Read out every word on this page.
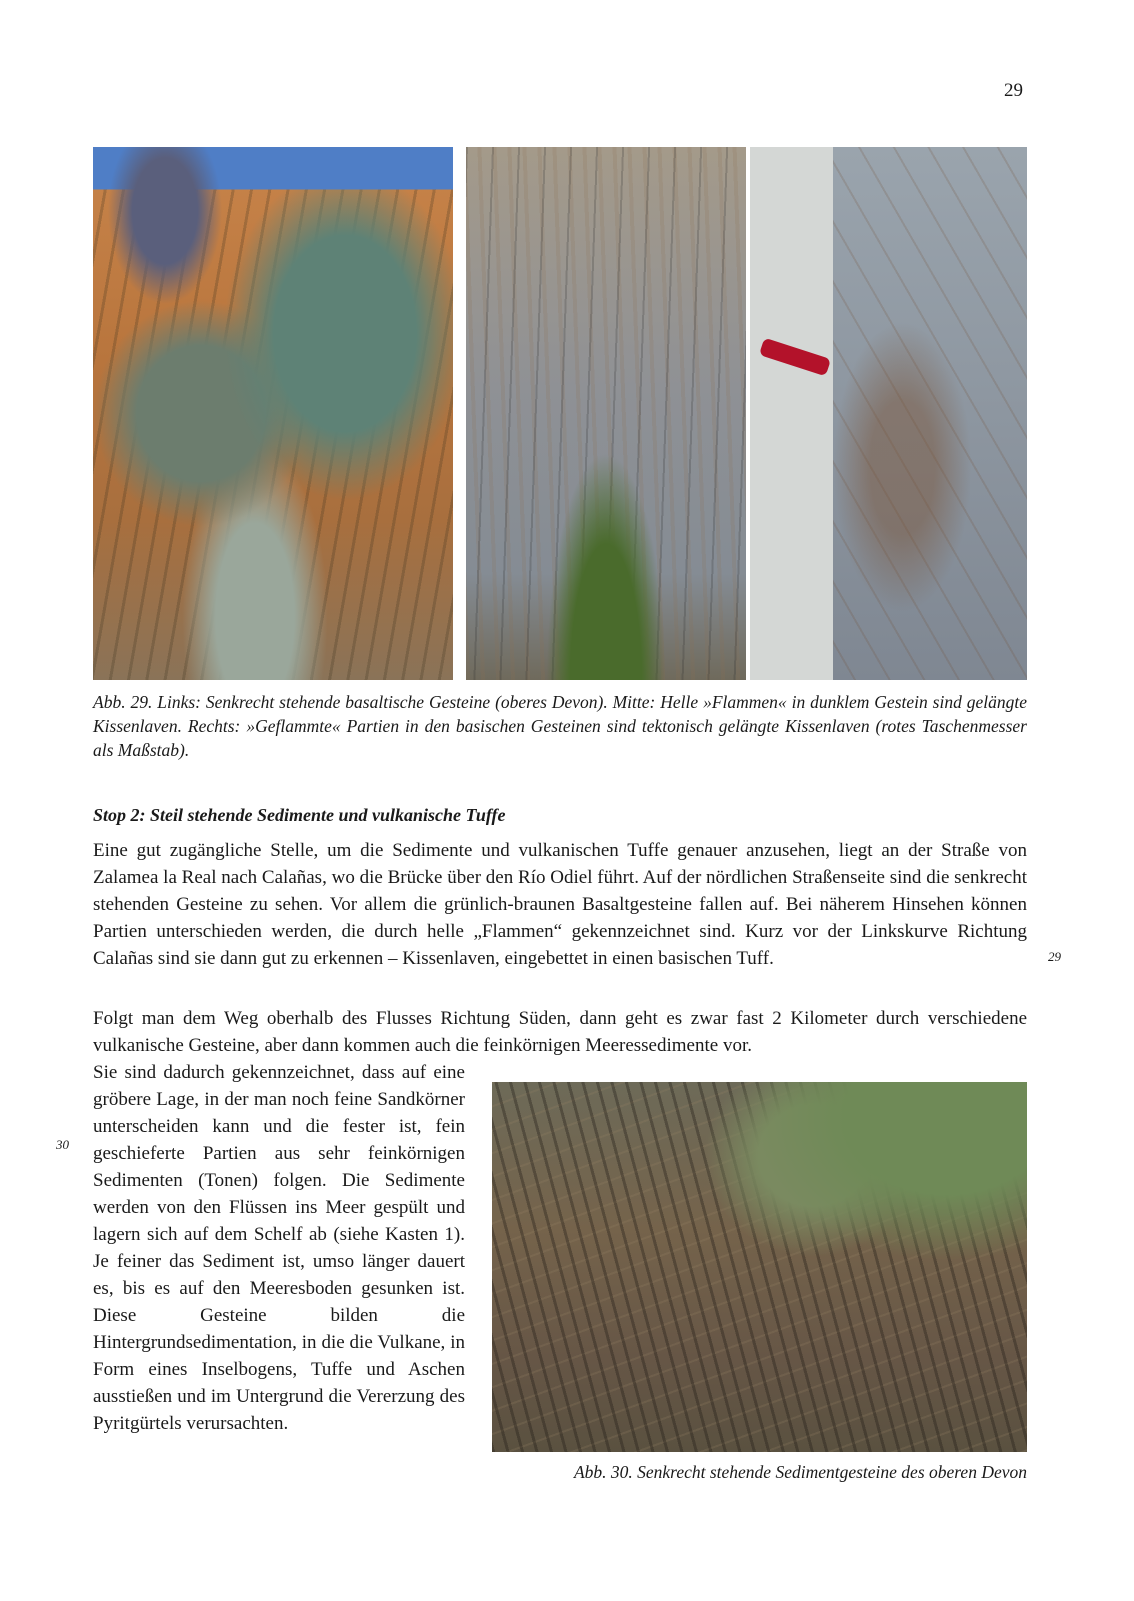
29
Abb. 29. Links: Senkrecht stehende basaltische Gesteine (oberes Devon). Mitte: Helle »Flammen« in dunklem Gestein sind gelängte Kissenlaven. Rechts: »Geflammte« Partien in den basischen Gesteinen sind tektonisch gelängte Kissenlaven (rotes Taschenmesser als Maßstab).
Stop 2: Steil stehende Sedimente und vulkanische Tuffe
Eine gut zugängliche Stelle, um die Sedimente und vulkanischen Tuffe genauer anzusehen, liegt an der Straße von Zalamea la Real nach Calañas, wo die Brücke über den Río Odiel führt. Auf der nördlichen Straßenseite sind die senkrecht stehenden Gesteine zu sehen. Vor allem die grünlich-braunen Basaltgesteine fallen auf. Bei näherem Hinsehen können Partien unterschieden werden, die durch helle „Flammen“ gekennzeichnet sind. Kurz vor der Linkskurve Richtung Calañas sind sie dann gut zu erkennen – Kissenlaven, eingebettet in einen basischen Tuff.	29
Folgt man dem Weg oberhalb des Flusses Richtung Süden, dann geht es zwar fast 2 Kilometer durch verschiedene vulkanische Gesteine, aber dann kommen auch die feinkörnigen Meeressedimente vor.
Sie sind dadurch gekennzeichnet, dass auf eine gröbere Lage, in der man noch feine Sandkörner unterscheiden kann und die fester ist, fein geschieferte Partien aus sehr feinkörnigen Sedimenten (Tonen) folgen. Die Sedimente werden von den Flüssen ins Meer gespült und lagern sich auf dem Schelf ab (siehe Kasten 1). Je feiner das Sediment ist, umso länger dauert es, bis es auf den Meeresboden gesunken ist. Diese Gesteine bilden die Hintergrundsedimentation, in die die Vulkane, in Form eines Inselbogens, Tuffe und Aschen ausstießen und im Untergrund die Vererzung des Pyritgürtels verursachten.
30
Abb. 30. Senkrecht stehende Sedimentgesteine des oberen Devon
